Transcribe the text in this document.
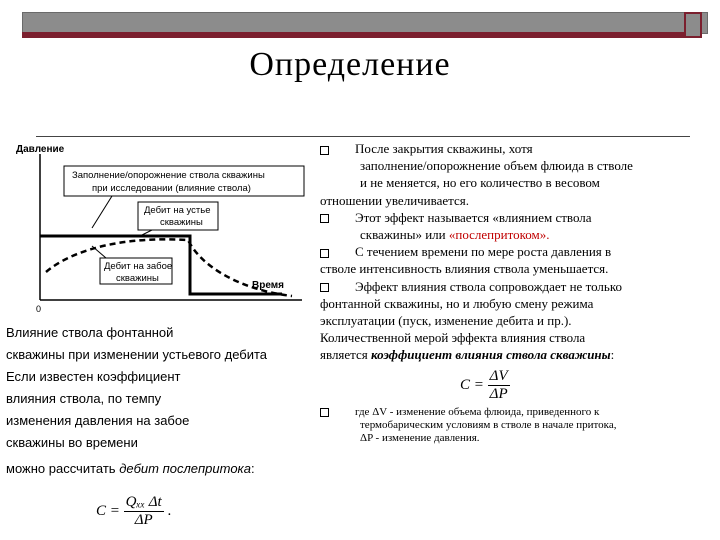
Определение
Давление
Время
0
Заполнение/опорожнение ствола скважины
при исследовании (влияние ствола)
Дебит на устье
скважины
Дебит на забое
скважины
Влияние ствола фонтанной
скважины при изменении устьевого дебита
Если известен коэффициент
влияния ствола, по темпу
изменения давления на забое
скважины во времени
можно рассчитать дебит послепритока:
$C = \frac{\text{Qₓₓ Δt}}{\Delta P}$ .

После закрытия скважины, хотя

заполнение/опорожнение объем флюида в стволе

и не меняется, но его количество в весовом

отношении увеличивается.

Этот эффект называется «влиянием ствола

скважины» или «послепритоком».

С течением времени по мере роста давления в

стволе интенсивность влияния ствола уменьшается.

Эффект влияния ствола сопровождает не только

фонтанной скважины, но и любую смену режима

эксплуатации (пуск, изменение дебита и пр.).

Количественной мерой эффекта влияния ствола

является коэффициент влияния ствола скважины:

$C = \frac{\Delta V}{\Delta P}$

где ΔV - изменение объема флюида, приведенного к

термобарическим условиям в стволе в начале притока,

ΔP - изменение давления.
